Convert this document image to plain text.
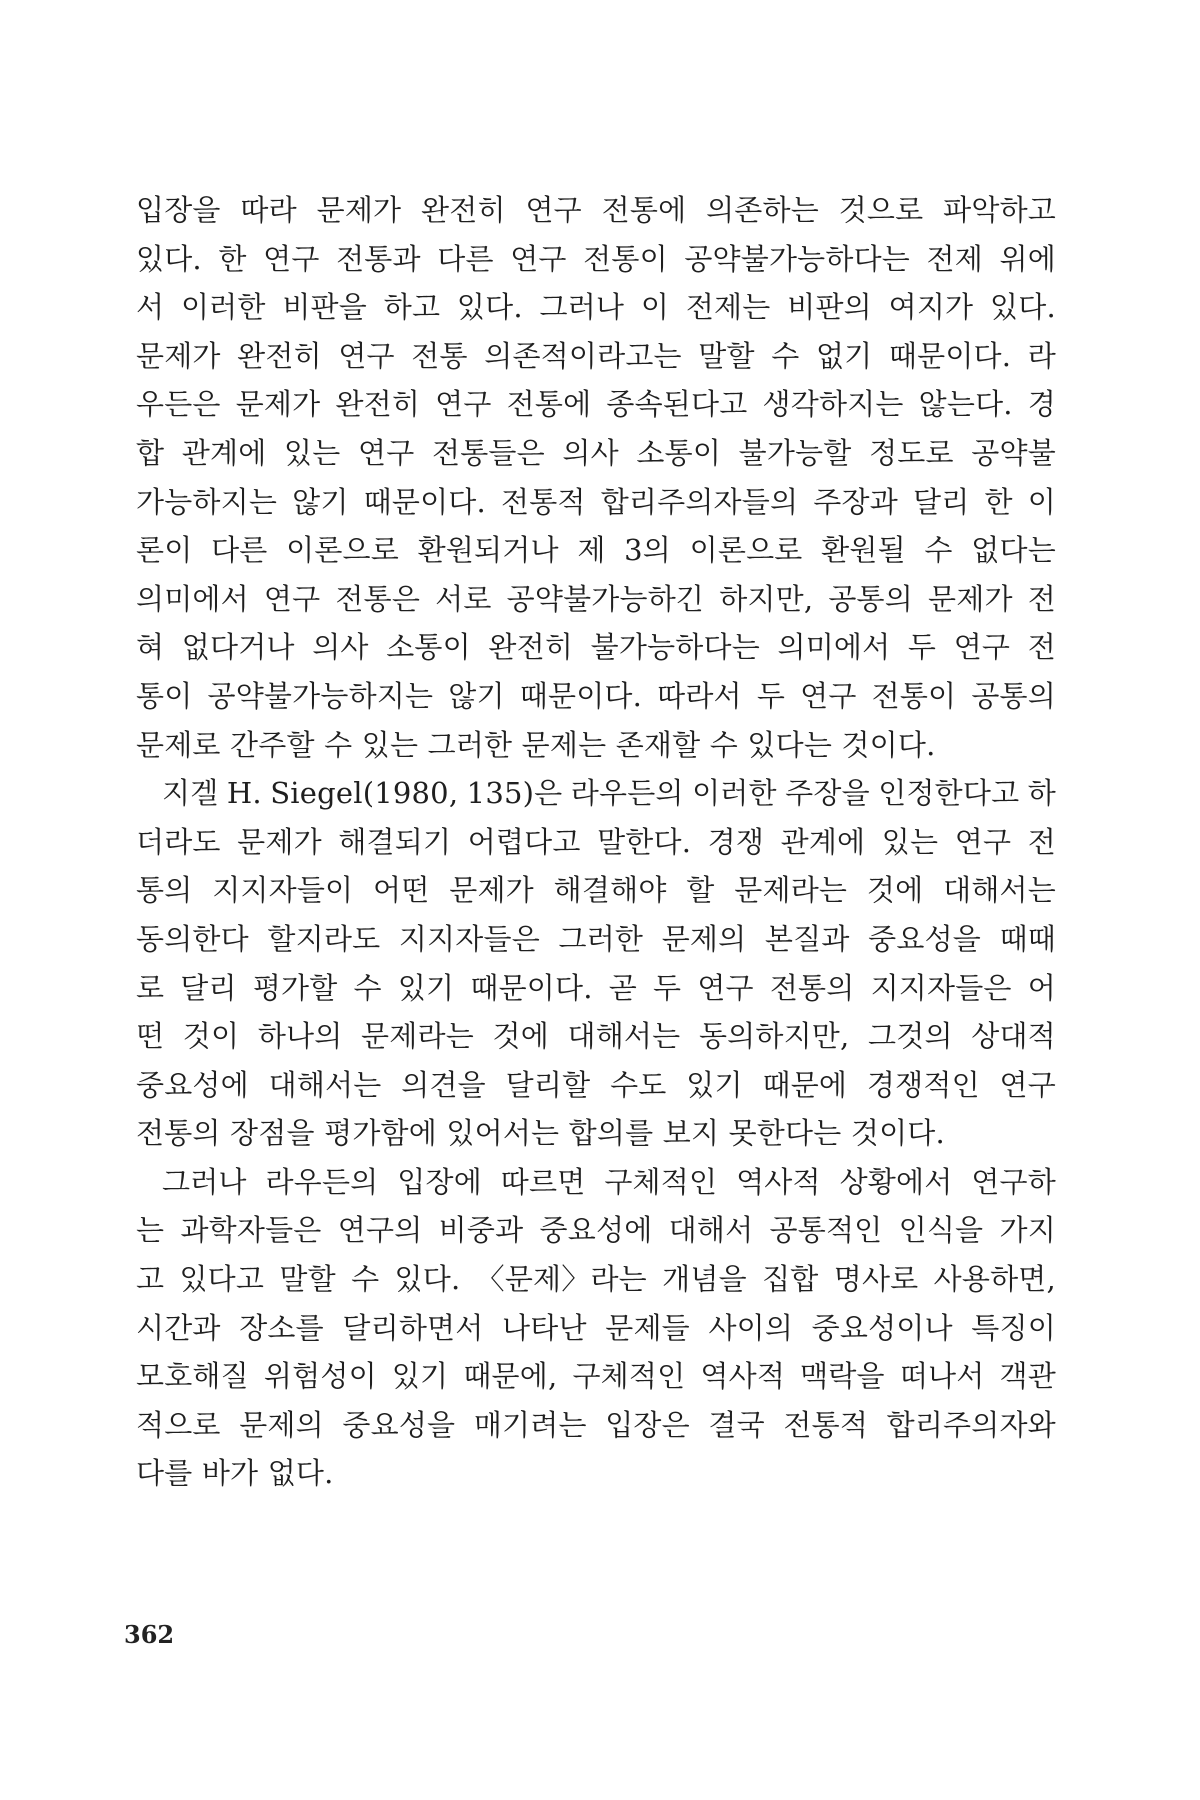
입장을 따라 문제가 완전히 연구 전통에 의존하는 것으로 파악하고
있다. 한 연구 전통과 다른 연구 전통이 공약불가능하다는 전제 위에
서 이러한 비판을 하고 있다. 그러나 이 전제는 비판의 여지가 있다.
문제가 완전히 연구 전통 의존적이라고는 말할 수 없기 때문이다. 라
우든은 문제가 완전히 연구 전통에 종속된다고 생각하지는 않는다. 경
합 관계에 있는 연구 전통들은 의사 소통이 불가능할 정도로 공약불
가능하지는 않기 때문이다. 전통적 합리주의자들의 주장과 달리 한 이
론이 다른 이론으로 환원되거나 제 3의 이론으로 환원될 수 없다는
의미에서 연구 전통은 서로 공약불가능하긴 하지만, 공통의 문제가 전
혀 없다거나 의사 소통이 완전히 불가능하다는 의미에서 두 연구 전
통이 공약불가능하지는 않기 때문이다. 따라서 두 연구 전통이 공통의
문제로 간주할 수 있는 그러한 문제는 존재할 수 있다는 것이다.
지겔 H. Siegel(1980, 135)은 라우든의 이러한 주장을 인정한다고 하
더라도 문제가 해결되기 어렵다고 말한다. 경쟁 관계에 있는 연구 전
통의 지지자들이 어떤 문제가 해결해야 할 문제라는 것에 대해서는
동의한다 할지라도 지지자들은 그러한 문제의 본질과 중요성을 때때
로 달리 평가할 수 있기 때문이다. 곧 두 연구 전통의 지지자들은 어
떤 것이 하나의 문제라는 것에 대해서는 동의하지만, 그것의 상대적
중요성에 대해서는 의견을 달리할 수도 있기 때문에 경쟁적인 연구
전통의 장점을 평가함에 있어서는 합의를 보지 못한다는 것이다.
그러나 라우든의 입장에 따르면 구체적인 역사적 상황에서 연구하
는 과학자들은 연구의 비중과 중요성에 대해서 공통적인 인식을 가지
고 있다고 말할 수 있다. 〈문제〉라는 개념을 집합 명사로 사용하면,
시간과 장소를 달리하면서 나타난 문제들 사이의 중요성이나 특징이
모호해질 위험성이 있기 때문에, 구체적인 역사적 맥락을 떠나서 객관
적으로 문제의 중요성을 매기려는 입장은 결국 전통적 합리주의자와
다를 바가 없다.
362
